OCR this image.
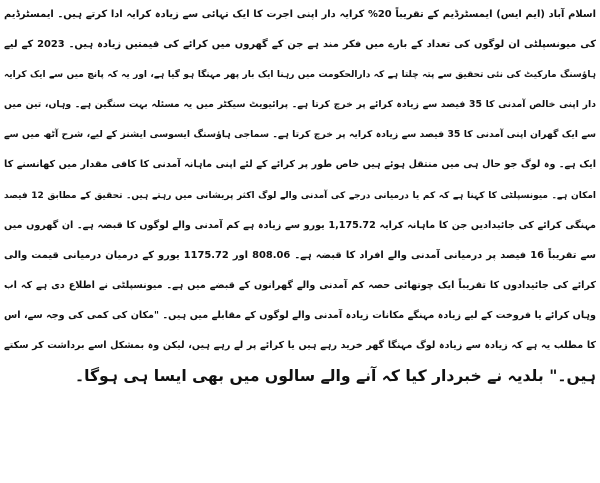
اسلام آباد (ایم ایس) ایمسٹرڈیم کے تقریباً 20% کرایہ دار اپنی اجرت کا ایک تہائی سے زیادہ کرایہ ادا کرتے ہیں۔ ایمسٹرڈیم
کی میونسپلٹی ان لوگوں کی تعداد کے بارے میں فکر مند ہے جن کے گھروں میں کرائے کی قیمتیں زیادہ ہیں۔ 2023 کے لیے
ہاؤسنگ مارکیٹ کی نئی تحقیق سے پتہ چلتا ہے کہ دارالحکومت میں رہنا ایک بار پھر مہنگا ہو گیا ہے، اور یہ کہ پانچ میں سے ایک کرایہ
دار اپنی خالص آمدنی کا 35 فیصد سے زیادہ کرائے پر خرچ کرتا ہے۔ پرائیویٹ سیکٹر میں یہ مسئلہ بہت سنگین ہے۔ وہاں، تین میں
سے ایک گھران اپنی آمدنی کا 35 فیصد سے زیادہ کرایہ پر خرچ کرتا ہے۔ سماجی ہاؤسنگ ایسوسی ایشنز کے لیے، شرح آٹھ میں سے
ایک ہے۔ وہ لوگ جو حال ہی میں منتقل ہوئے ہیں خاص طور پر کرائے کے لئے اپنی ماہانہ آمدنی کا کافی مقدار میں کھانسنے کا
امکان ہے۔ میونسپلٹی کا کہنا ہے کہ کم یا درمیانی درجے کی آمدنی والے لوگ اکثر پریشانی میں رہتے ہیں۔ تحقیق کے مطابق 12 فیصد
مہنگی کرائے کی جائیدادیں جن کا ماہانہ کرایہ 1,175.72 یورو سے زیادہ ہے کم آمدنی والے لوگوں کا قبضہ ہے۔ ان گھروں میں
سے تقریباً 16 فیصد پر درمیانی آمدنی والے افراد کا قبضہ ہے۔ 808.06 اور 1175.72 یورو کے درمیان درمیانی قیمت والی
کرائے کی جائیدادوں کا تقریباً ایک چوتھائی حصہ کم آمدنی والے گھرانوں کے قبضے میں ہے۔ میونسپلٹی نے اطلاع دی ہے کہ اب
وہاں کرائے یا فروخت کے لیے زیادہ مہنگے مکانات زیادہ آمدنی والے لوگوں کے مقابلے میں ہیں۔ "مکان کی کمی کی وجہ سے، اس
کا مطلب یہ ہے کہ زیادہ سے زیادہ لوگ مہنگا گھر خرید رہے ہیں یا کرائے پر لے رہے ہیں، لیکن وہ بمشکل اسے برداشت کر سکتے
ہیں۔" بلدیہ نے خبردار کیا کہ آنے والے سالوں میں بھی ایسا ہی ہوگا۔
